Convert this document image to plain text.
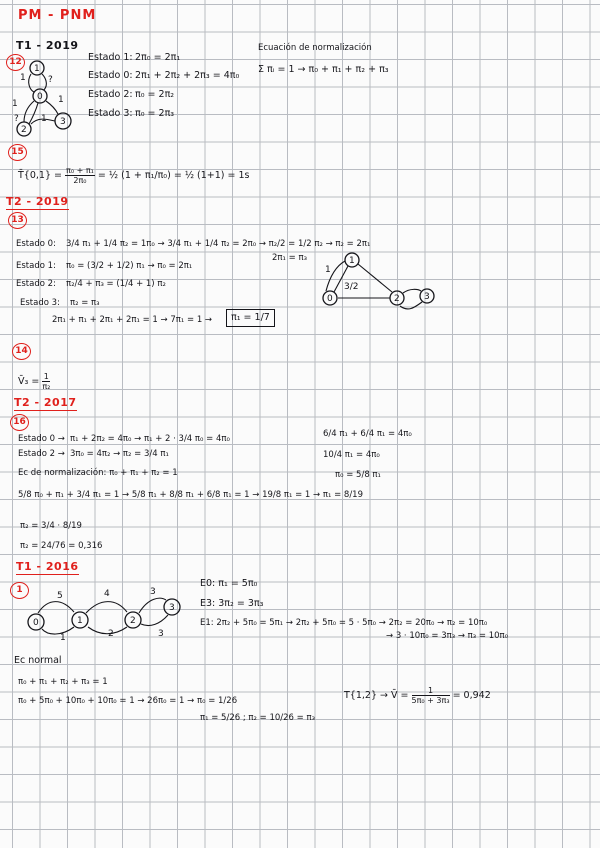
PM - PNM
T1 - 2019
12
1
0
2
3
1 ?
1	1
1
?
Estado 1: 2π₀ = 2π₁
Estado 0: 2π₁ + 2π₂ + 2π₃ = 4π₀
Estado 2: π₀ = 2π₂
Estado 3: π₀ = 2π₃
Ecuación de normalización
Σ πᵢ = 1 → π₀ + π₁ + π₂ + π₃
15
T̄{0,1} = $\frac{\text{π₀ + π₁}}{\text{2π₀}}$ = ½ (1 + π₁/π₀) = ½ (1+1) = 1s
T2 - 2019
13
Estado 0: 3/4 π₁ + 1/4 π₂ = 1π₀ → 3/4 π₁ + 1/4 π₂ = 2π₀ → π₂/2 = 1/2 π₂ → π₂ = 2π₁
2π₁ = π₃
Estado 1: π₀ = (3/2 + 1/2) π₁ → π₀ = 2π₁
Estado 2: π₂/4 + π₃ = (1/4 + 1) π₂
Estado 3: π₂ = π₃
2π₁ + π₁ + 2π₁ + 2π₁ = 1 → 7π₁ = 1 →	π₁ = 1/7
1
0	2	3
1
3/2
14
V̄₃ = $\frac{1}{\text{π₂}}$
T2 - 2017
16
Estado 0 → π₁ + 2π₂ = 4π₀ → π₁ + 2 · 3/4 π₀ = 4π₀
Estado 2 → 3π₀ = 4π₂ → π₂ = 3/4 π₁
6/4 π₁ + 6/4 π₁ = 4π₀
10/4 π₁ = 4π₀
π₀ = 5/8 π₁
Ec de normalización: π₀ + π₁ + π₂ = 1
5/8 π₀ + π₁ + 3/4 π₁ = 1 → 5/8 π₁ + 8/8 π₁ + 6/8 π₁ = 1 → 19/8 π₁ = 1 → π₁ = 8/19
π₂ = 3/4 · 8/19
π₂ = 24/76 = 0,316
T1 - 2016
1
0	1	2
3
5
1
4
2
3
3
E0: π₁ = 5π₀
E3: 3π₂ = 3π₃
E1: 2π₂ + 5π₀ = 5π₁ → 2π₂ + 5π₀ = 5 · 5π₀ → 2π₂ = 20π₀ → π₂ = 10π₀
→ 3 · 10π₀ = 3π₃ → π₃ = 10π₀
Ec normal
π₀ + π₁ + π₂ + π₃ = 1
π₀ + 5π₀ + 10π₀ + 10π₀ = 1 → 26π₀ = 1 → π₀ = 1/26
π₁ = 5/26 ; π₂ = 10/26 = π₃
T{1,2} → V̄ = $\frac{1}{\text{5π₀ + 3π₃}} = 0,942$
